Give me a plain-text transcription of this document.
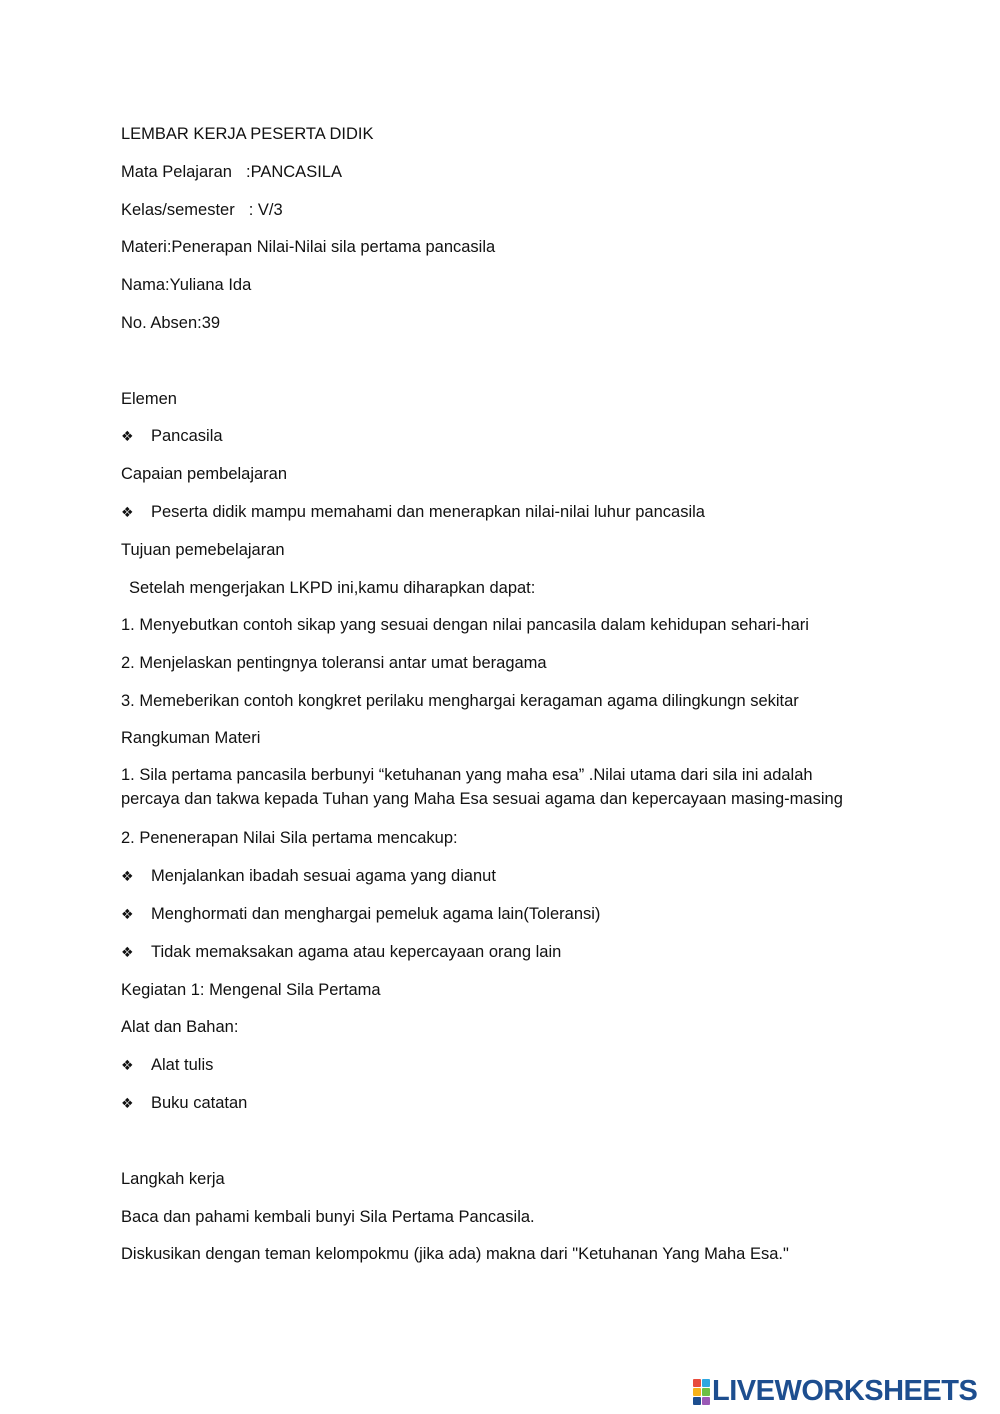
LEMBAR KERJA PESERTA DIDIK
Mata Pelajaran :PANCASILA
Kelas/semester : V/3
Materi:Penerapan Nilai-Nilai sila pertama pancasila
Nama:Yuliana Ida
No. Absen:39
Elemen
❖ Pancasila
Capaian pembelajaran
❖ Peserta didik mampu memahami dan menerapkan nilai-nilai luhur pancasila
Tujuan pemebelajaran
Setelah mengerjakan LKPD ini,kamu diharapkan dapat:
1. Menyebutkan contoh sikap yang sesuai dengan nilai pancasila dalam kehidupan sehari-hari
2. Menjelaskan pentingnya toleransi antar umat beragama
3. Memeberikan contoh kongkret perilaku menghargai keragaman agama dilingkungn sekitar
Rangkuman Materi
1. Sila pertama pancasila berbunyi “ketuhanan yang maha esa” .Nilai utama dari sila ini adalah percaya dan takwa kepada Tuhan yang Maha Esa sesuai agama dan kepercayaan masing-masing
2. Penenerapan Nilai Sila pertama mencakup:
❖ Menjalankan ibadah sesuai agama yang dianut
❖ Menghormati dan menghargai pemeluk agama lain(Toleransi)
❖ Tidak memaksakan agama atau kepercayaan orang lain
Kegiatan 1: Mengenal Sila Pertama
Alat dan Bahan:
❖ Alat tulis
❖ Buku catatan
Langkah kerja
Baca dan pahami kembali bunyi Sila Pertama Pancasila.
Diskusikan dengan teman kelompokmu (jika ada) makna dari "Ketuhanan Yang Maha Esa."
LIVEWORKSHEETS
